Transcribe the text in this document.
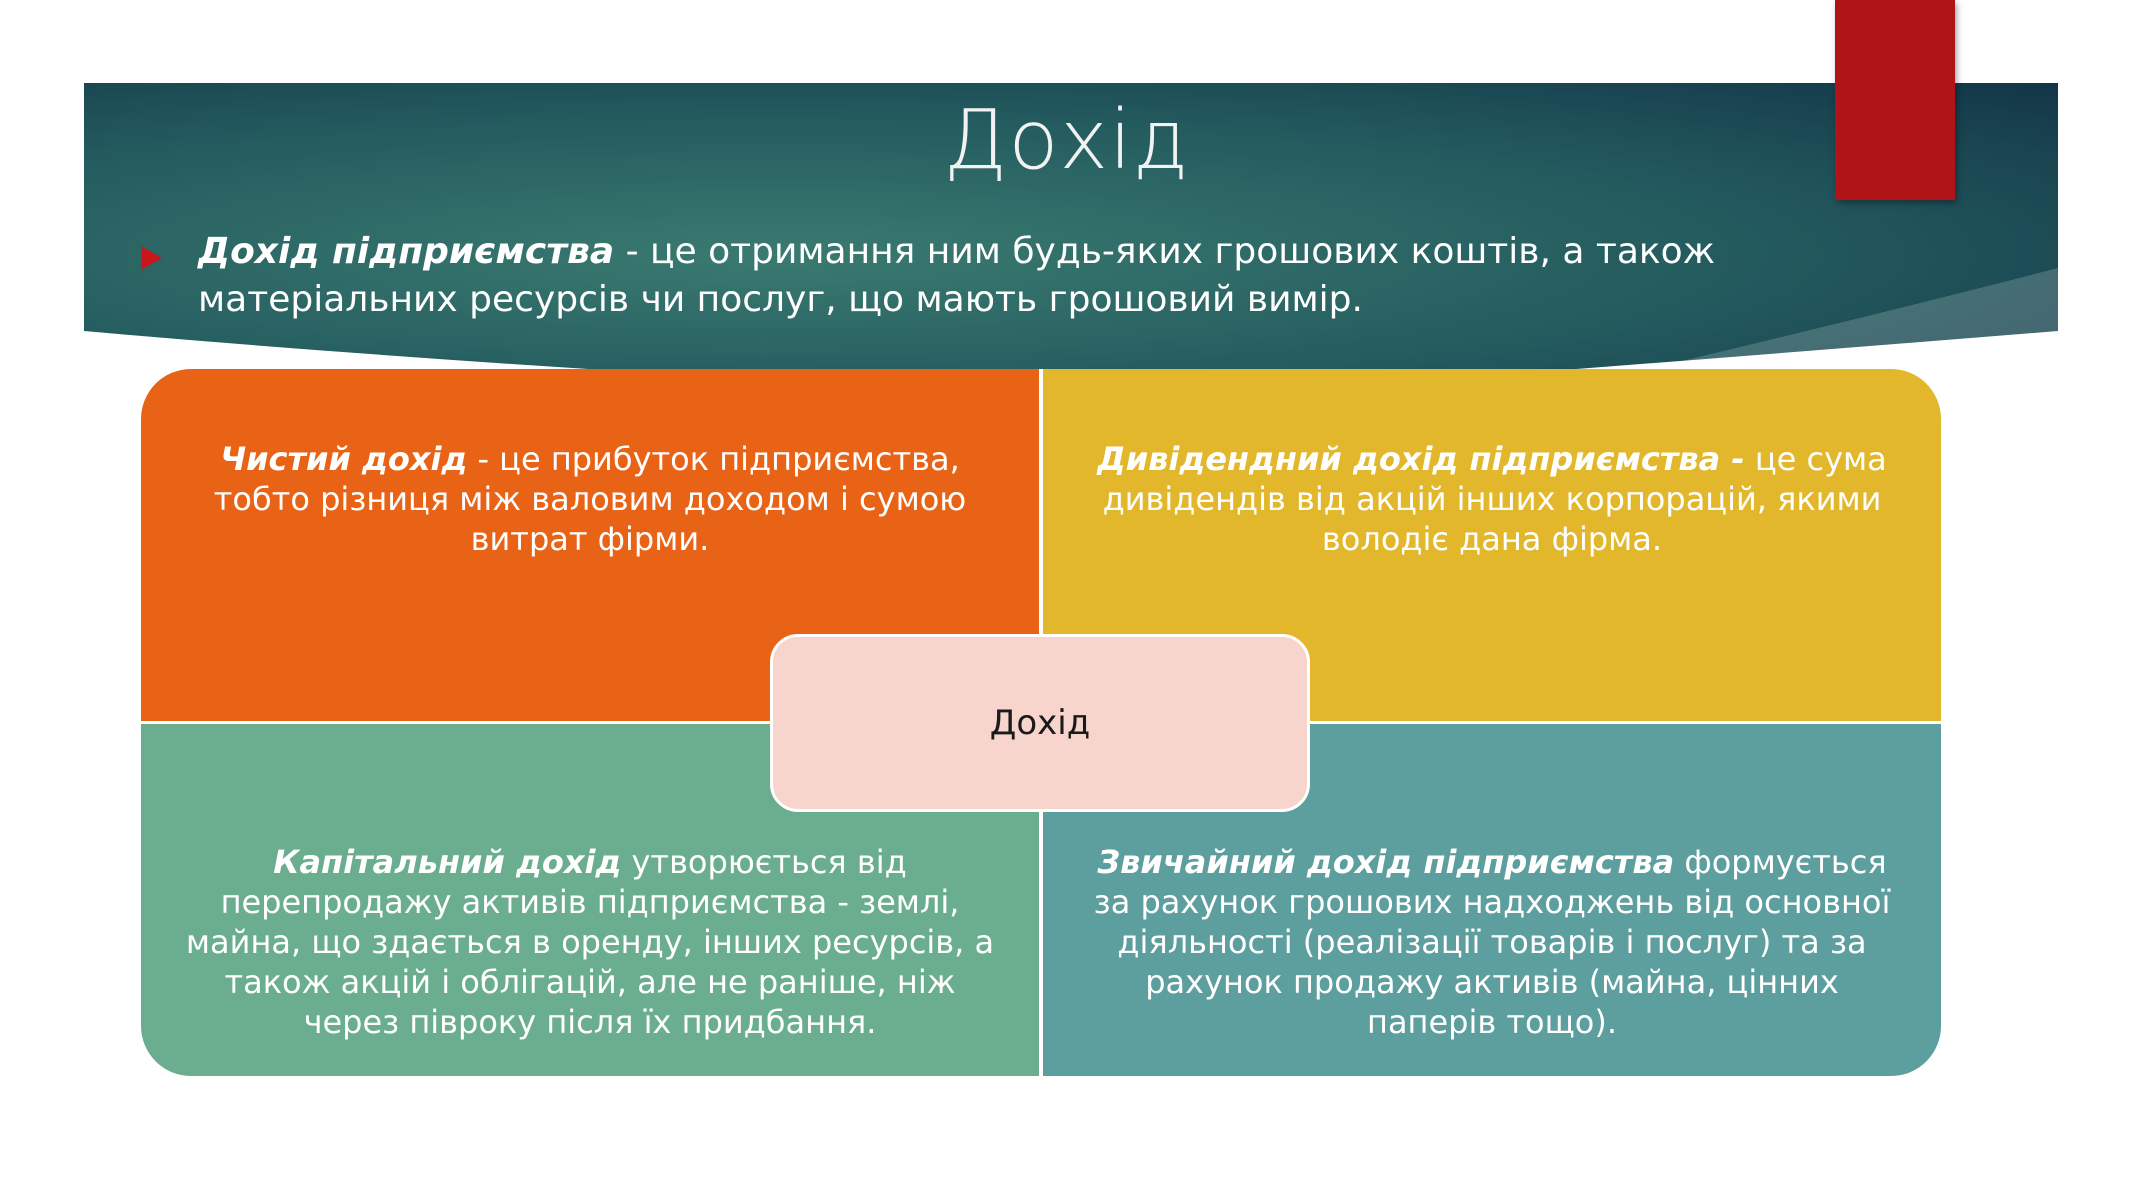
Дохід
Дохід підприємства - це отримання ним будь-яких грошових коштів, а також матеріальних ресурсів чи послуг, що мають грошовий вимір.
Чистий дохід - це прибуток підприємства, тобто різниця між валовим доходом і сумою витрат фірми.
Дивідендний дохід підприємства - це сума дивідендів від акцій інших корпорацій, якими володіє дана фірма.
Капітальний дохід утворюється від перепродажу активів підприємства - землі, майна, що здається в оренду, інших ресурсів, а також акцій і облігацій, але не раніше, ніж через півроку після їх придбання.
Звичайний дохід підприємства формується за рахунок грошових надходжень від основної діяльності (реалізації товарів і послуг) та за рахунок продажу активів (майна, цінних паперів тощо).
Дохід
